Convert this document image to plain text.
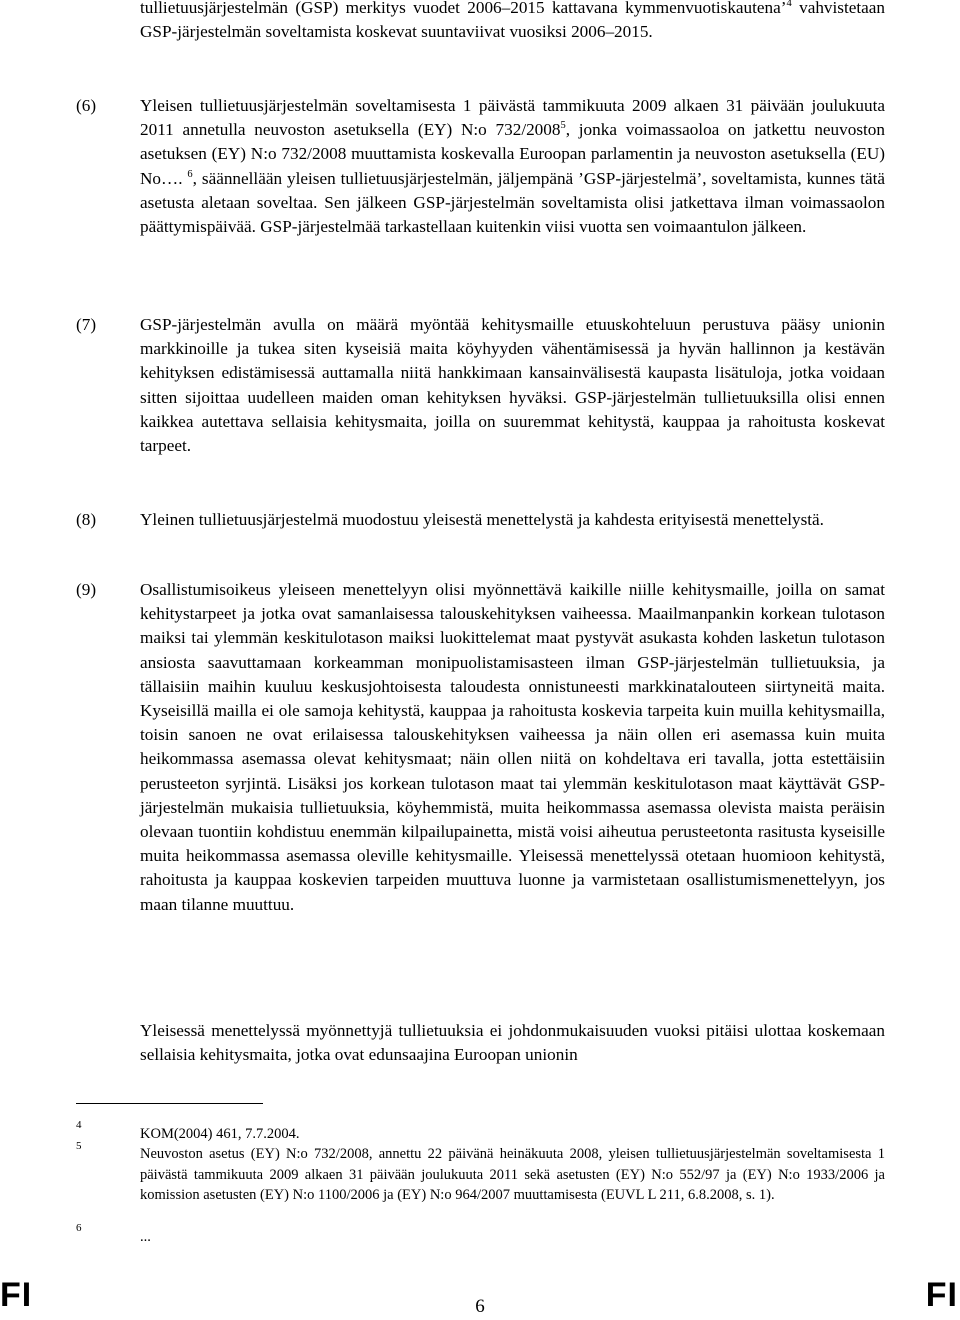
tullietuusjärjestelmän (GSP) merkitys vuodet 2006–2015 kattavana kymmenvuotiskautena’$^4$ vahvistetaan GSP-järjestelmän soveltamista koskevat suuntaviivat vuosiksi 2006–2015.
(6)	Yleisen tullietuusjärjestelmän soveltamisesta 1 päivästä tammikuuta 2009 alkaen 31 päivään joulukuuta 2011 annetulla neuvoston asetuksella (EY) N:o 732/2008$^5$, jonka voimassaoloa on jatkettu neuvoston asetuksen (EY) N:o 732/2008 muuttamista koskevalla Euroopan parlamentin ja neuvoston asetuksella (EU) No…. $^6$, säännellään yleisen tullietuusjärjestelmän, jäljempänä ’GSP-järjestelmä’, soveltamista, kunnes tätä asetusta aletaan soveltaa. Sen jälkeen GSP-järjestelmän soveltamista olisi jatkettava ilman voimassaolon päättymispäivää. GSP-järjestelmää tarkastellaan kuitenkin viisi vuotta sen voimaantulon jälkeen.
(7)	GSP-järjestelmän avulla on määrä myöntää kehitysmaille etuuskohteluun perustuva pääsy unionin markkinoille ja tukea siten kyseisiä maita köyhyyden vähentämisessä ja hyvän hallinnon ja kestävän kehityksen edistämisessä auttamalla niitä hankkimaan kansainvälisestä kaupasta lisätuloja, jotka voidaan sitten sijoittaa uudelleen maiden oman kehityksen hyväksi. GSP-järjestelmän tullietuuksilla olisi ennen kaikkea autettava sellaisia kehitysmaita, joilla on suuremmat kehitystä, kauppaa ja rahoitusta koskevat tarpeet.
(8)	Yleinen tullietuusjärjestelmä muodostuu yleisestä menettelystä ja kahdesta erityisestä menettelystä.
(9)	Osallistumisoikeus yleiseen menettelyyn olisi myönnettävä kaikille niille kehitysmaille, joilla on samat kehitystarpeet ja jotka ovat samanlaisessa talouskehityksen vaiheessa. Maailmanpankin korkean tulotason maiksi tai ylemmän keskitulotason maiksi luokittelemat maat pystyvät asukasta kohden lasketun tulotason ansiosta saavuttamaan korkeamman monipuolistamisasteen ilman GSP-järjestelmän tullietuuksia, ja tällaisiin maihin kuuluu keskusjohtoisesta taloudesta onnistuneesti markkinatalouteen siirtyneitä maita. Kyseisillä mailla ei ole samoja kehitystä, kauppaa ja rahoitusta koskevia tarpeita kuin muilla kehitysmailla, toisin sanoen ne ovat erilaisessa talouskehityksen vaiheessa ja näin ollen eri asemassa kuin muita heikommassa asemassa olevat kehitysmaat; näin ollen niitä on kohdeltava eri tavalla, jotta estettäisiin perusteeton syrjintä. Lisäksi jos korkean tulotason maat tai ylemmän keskitulotason maat käyttävät GSP-järjestelmän mukaisia tullietuuksia, köyhemmistä, muita heikommassa asemassa olevista maista peräisin olevaan tuontiin kohdistuu enemmän kilpailupainetta, mistä voisi aiheutua perusteetonta rasitusta kyseisille muita heikommassa asemassa oleville kehitysmaille. Yleisessä menettelyssä otetaan huomioon kehitystä, rahoitusta ja kauppaa koskevien tarpeiden muuttuva luonne ja varmistetaan osallistumismenettelyyn, jos maan tilanne muuttuu.
Yleisessä menettelyssä myönnettyjä tullietuuksia ei johdonmukaisuuden vuoksi pitäisi ulottaa koskemaan sellaisia kehitysmaita, jotka ovat edunsaajina Euroopan unionin
4
KOM(2004) 461, 7.7.2004.
5	Neuvoston asetus (EY) N:o 732/2008, annettu 22 päivänä heinäkuuta 2008, yleisen tullietuusjärjestelmän soveltamisesta 1 päivästä tammikuuta 2009 alkaen 31 päivään joulukuuta 2011 sekä asetusten (EY) N:o 552/97 ja (EY) N:o 1933/2006 ja komission asetusten (EY) N:o 1100/2006 ja (EY) N:o 964/2007 muuttamisesta (EUVL L 211, 6.8.2008, s. 1).
6
...
FI	6	FI
